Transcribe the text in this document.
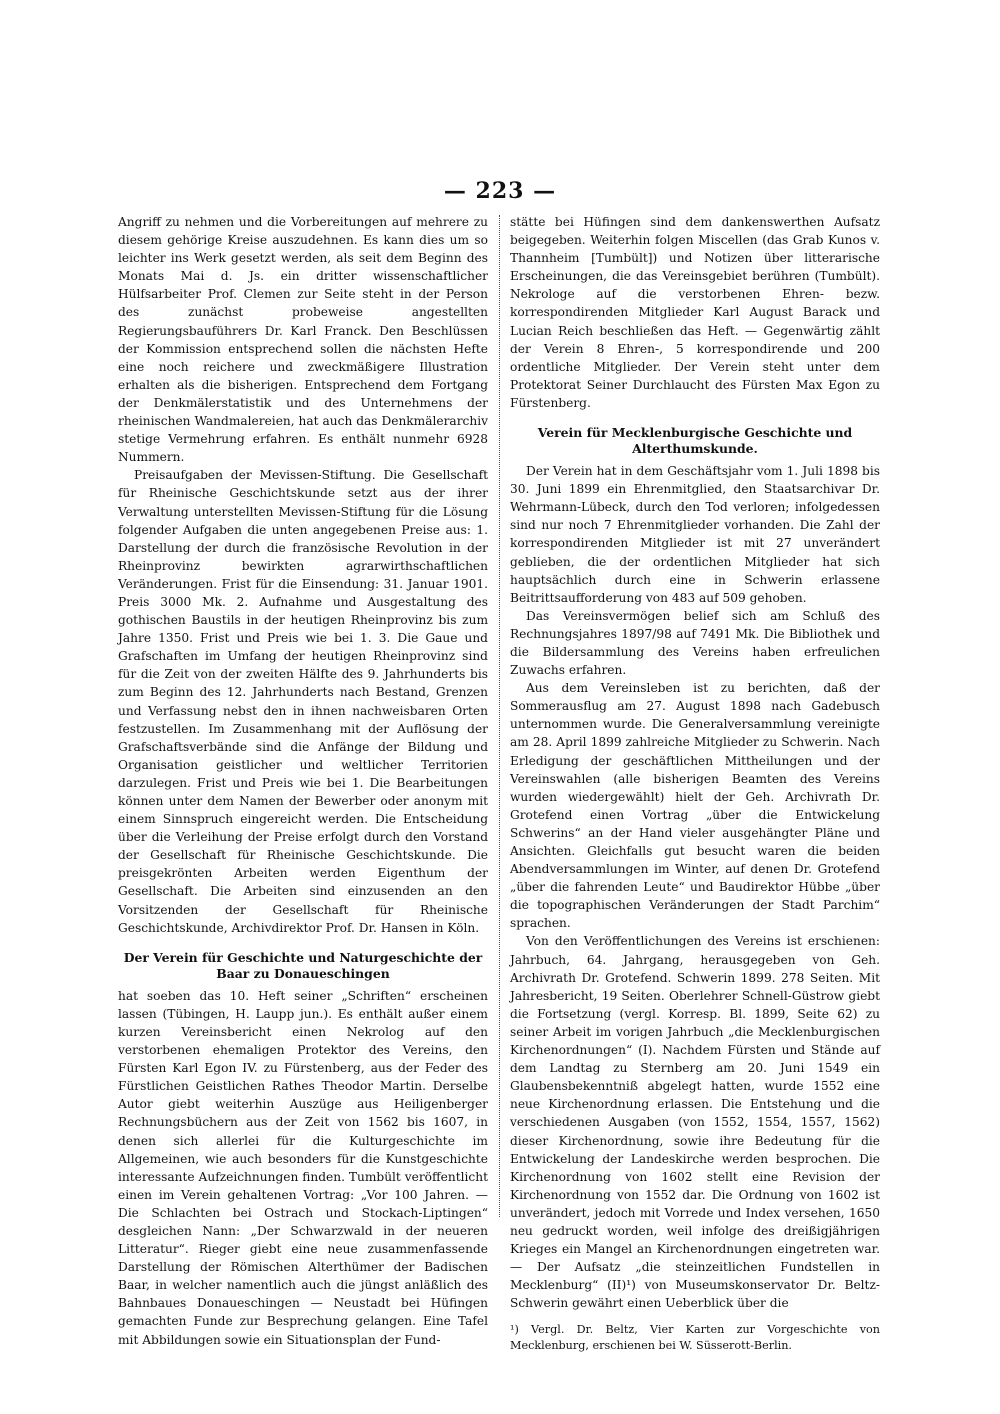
— 223 —

Angriff zu nehmen und die Vorbereitungen auf mehrere zu diesem gehörige Kreise auszudehnen. Es kann dies um so leichter ins Werk gesetzt werden, als seit dem Beginn des Monats Mai d. Js. ein dritter wissenschaftlicher Hülfsarbeiter Prof. Clemen zur Seite steht in der Person des zunächst probeweise angestellten Regierungsbauführers Dr. Karl Franck. Den Beschlüssen der Kommission entsprechend sollen die nächsten Hefte eine noch reichere und zweckmäßigere Illustration erhalten als die bisherigen. Entsprechend dem Fortgang der Denkmälerstatistik und des Unternehmens der rheinischen Wandmalereien, hat auch das Denkmälerarchiv stetige Vermehrung erfahren. Es enthält nunmehr 6928 Nummern.

Preisaufgaben der Mevissen-Stiftung. Die Gesellschaft für Rheinische Geschichtskunde setzt aus der ihrer Verwaltung unterstellten Mevissen-Stiftung für die Lösung folgender Aufgaben die unten angegebenen Preise aus: 1. Darstellung der durch die französische Revolution in der Rheinprovinz bewirkten agrarwirthschaftlichen Veränderungen. Frist für die Einsendung: 31. Januar 1901. Preis 3000 Mk. 2. Aufnahme und Ausgestaltung des gothischen Baustils in der heutigen Rheinprovinz bis zum Jahre 1350. Frist und Preis wie bei 1. 3. Die Gaue und Grafschaften im Umfang der heutigen Rheinprovinz sind für die Zeit von der zweiten Hälfte des 9. Jahrhunderts bis zum Beginn des 12. Jahrhunderts nach Bestand, Grenzen und Verfassung nebst den in ihnen nachweisbaren Orten festzustellen. Im Zusammenhang mit der Auflösung der Grafschaftsverbände sind die Anfänge der Bildung und Organisation geistlicher und weltlicher Territorien darzulegen. Frist und Preis wie bei 1. Die Bearbeitungen können unter dem Namen der Bewerber oder anonym mit einem Sinnspruch eingereicht werden. Die Entscheidung über die Verleihung der Preise erfolgt durch den Vorstand der Gesellschaft für Rheinische Geschichtskunde. Die preisgekrönten Arbeiten werden Eigenthum der Gesellschaft. Die Arbeiten sind einzusenden an den Vorsitzenden der Gesellschaft für Rheinische Geschichtskunde, Archivdirektor Prof. Dr. Hansen in Köln.

Der Verein für Geschichte und Naturgeschichte der Baar zu Donaueschingen

hat soeben das 10. Heft seiner „Schriften“ erscheinen lassen (Tübingen, H. Laupp jun.). Es enthält außer einem kurzen Vereinsbericht einen Nekrolog auf den verstorbenen ehemaligen Protektor des Vereins, den Fürsten Karl Egon IV. zu Fürstenberg, aus der Feder des Fürstlichen Geistlichen Rathes Theodor Martin. Derselbe Autor giebt weiterhin Auszüge aus Heiligenberger Rechnungsbüchern aus der Zeit von 1562 bis 1607, in denen sich allerlei für die Kulturgeschichte im Allgemeinen, wie auch besonders für die Kunstgeschichte interessante Aufzeichnungen finden. Tumbült veröffentlicht einen im Verein gehaltenen Vortrag: „Vor 100 Jahren. — Die Schlachten bei Ostrach und Stockach-Liptingen“ desgleichen Nann: „Der Schwarzwald in der neueren Litteratur“. Rieger giebt eine neue zusammenfassende Darstellung der Römischen Alterthümer der Badischen Baar, in welcher namentlich auch die jüngst anläßlich des Bahnbaues Donaueschingen — Neustadt bei Hüfingen gemachten Funde zur Besprechung gelangen. Eine Tafel mit Abbildungen sowie ein Situationsplan der Fund-

stätte bei Hüfingen sind dem dankenswerthen Aufsatz beigegeben. Weiterhin folgen Miscellen (das Grab Kunos v. Thannheim [Tumbült]) und Notizen über litterarische Erscheinungen, die das Vereinsgebiet berühren (Tumbült). Nekrologe auf die verstorbenen Ehren- bezw. korrespondirenden Mitglieder Karl August Barack und Lucian Reich beschließen das Heft. — Gegenwärtig zählt der Verein 8 Ehren-, 5 korrespondirende und 200 ordentliche Mitglieder. Der Verein steht unter dem Protektorat Seiner Durchlaucht des Fürsten Max Egon zu Fürstenberg.

Verein für Mecklenburgische Geschichte und Alterthumskunde.

Der Verein hat in dem Geschäftsjahr vom 1. Juli 1898 bis 30. Juni 1899 ein Ehrenmitglied, den Staatsarchivar Dr. Wehrmann-Lübeck, durch den Tod verloren; infolgedessen sind nur noch 7 Ehrenmitglieder vorhanden. Die Zahl der korrespondirenden Mitglieder ist mit 27 unverändert geblieben, die der ordentlichen Mitglieder hat sich hauptsächlich durch eine in Schwerin erlassene Beitrittsaufforderung von 483 auf 509 gehoben.

Das Vereinsvermögen belief sich am Schluß des Rechnungsjahres 1897/98 auf 7491 Mk. Die Bibliothek und die Bildersammlung des Vereins haben erfreulichen Zuwachs erfahren.

Aus dem Vereinsleben ist zu berichten, daß der Sommerausflug am 27. August 1898 nach Gadebusch unternommen wurde. Die Generalversammlung vereinigte am 28. April 1899 zahlreiche Mitglieder zu Schwerin. Nach Erledigung der geschäftlichen Mittheilungen und der Vereinswahlen (alle bisherigen Beamten des Vereins wurden wiedergewählt) hielt der Geh. Archivrath Dr. Grotefend einen Vortrag „über die Entwickelung Schwerins“ an der Hand vieler ausgehängter Pläne und Ansichten. Gleichfalls gut besucht waren die beiden Abendversammlungen im Winter, auf denen Dr. Grotefend „über die fahrenden Leute“ und Baudirektor Hübbe „über die topographischen Veränderungen der Stadt Parchim“ sprachen.

Von den Veröffentlichungen des Vereins ist erschienen: Jahrbuch, 64. Jahrgang, herausgegeben von Geh. Archivrath Dr. Grotefend. Schwerin 1899. 278 Seiten. Mit Jahresbericht, 19 Seiten. Oberlehrer Schnell-Güstrow giebt die Fortsetzung (vergl. Korresp. Bl. 1899, Seite 62) zu seiner Arbeit im vorigen Jahrbuch „die Mecklenburgischen Kirchenordnungen“ (I). Nachdem Fürsten und Stände auf dem Landtag zu Sternberg am 20. Juni 1549 ein Glaubensbekenntniß abgelegt hatten, wurde 1552 eine neue Kirchenordnung erlassen. Die Entstehung und die verschiedenen Ausgaben (von 1552, 1554, 1557, 1562) dieser Kirchenordnung, sowie ihre Bedeutung für die Entwickelung der Landeskirche werden besprochen. Die Kirchenordnung von 1602 stellt eine Revision der Kirchenordnung von 1552 dar. Die Ordnung von 1602 ist unverändert, jedoch mit Vorrede und Index versehen, 1650 neu gedruckt worden, weil infolge des dreißigjährigen Krieges ein Mangel an Kirchenordnungen eingetreten war. — Der Aufsatz „die steinzeitlichen Fundstellen in Mecklenburg“ (II)¹) von Museumskonservator Dr. Beltz-Schwerin gewährt einen Ueberblick über die

¹) Vergl. Dr. Beltz, Vier Karten zur Vorgeschichte von Mecklenburg, erschienen bei W. Süsserott-Berlin.
